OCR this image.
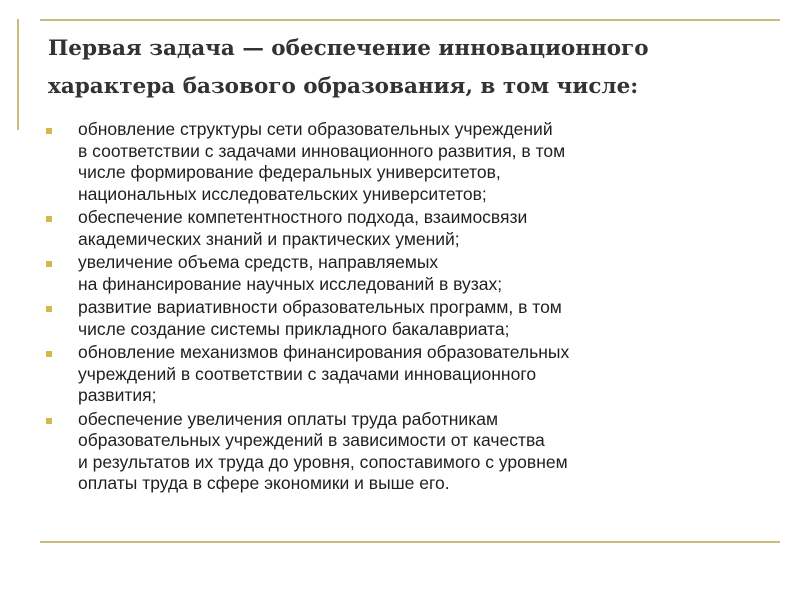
Первая задача — обеспечение инновационного
характера базового образования, в том числе:
обновление структуры сети образовательных учреждений
в соответствии с задачами инновационного развития, в том
числе формирование федеральных университетов,
национальных исследовательских университетов;
обеспечение компетентностного подхода, взаимосвязи
академических знаний и практических умений;
увеличение объема средств, направляемых
на финансирование научных исследований в вузах;
развитие вариативности образовательных программ, в том
числе создание системы прикладного бакалавриата;
обновление механизмов финансирования образовательных
учреждений в соответствии с задачами инновационного
развития;
обеспечение увеличения оплаты труда работникам
образовательных учреждений в зависимости от качества
и результатов их труда до уровня, сопоставимого с уровнем
оплаты труда в сфере экономики и выше его.
